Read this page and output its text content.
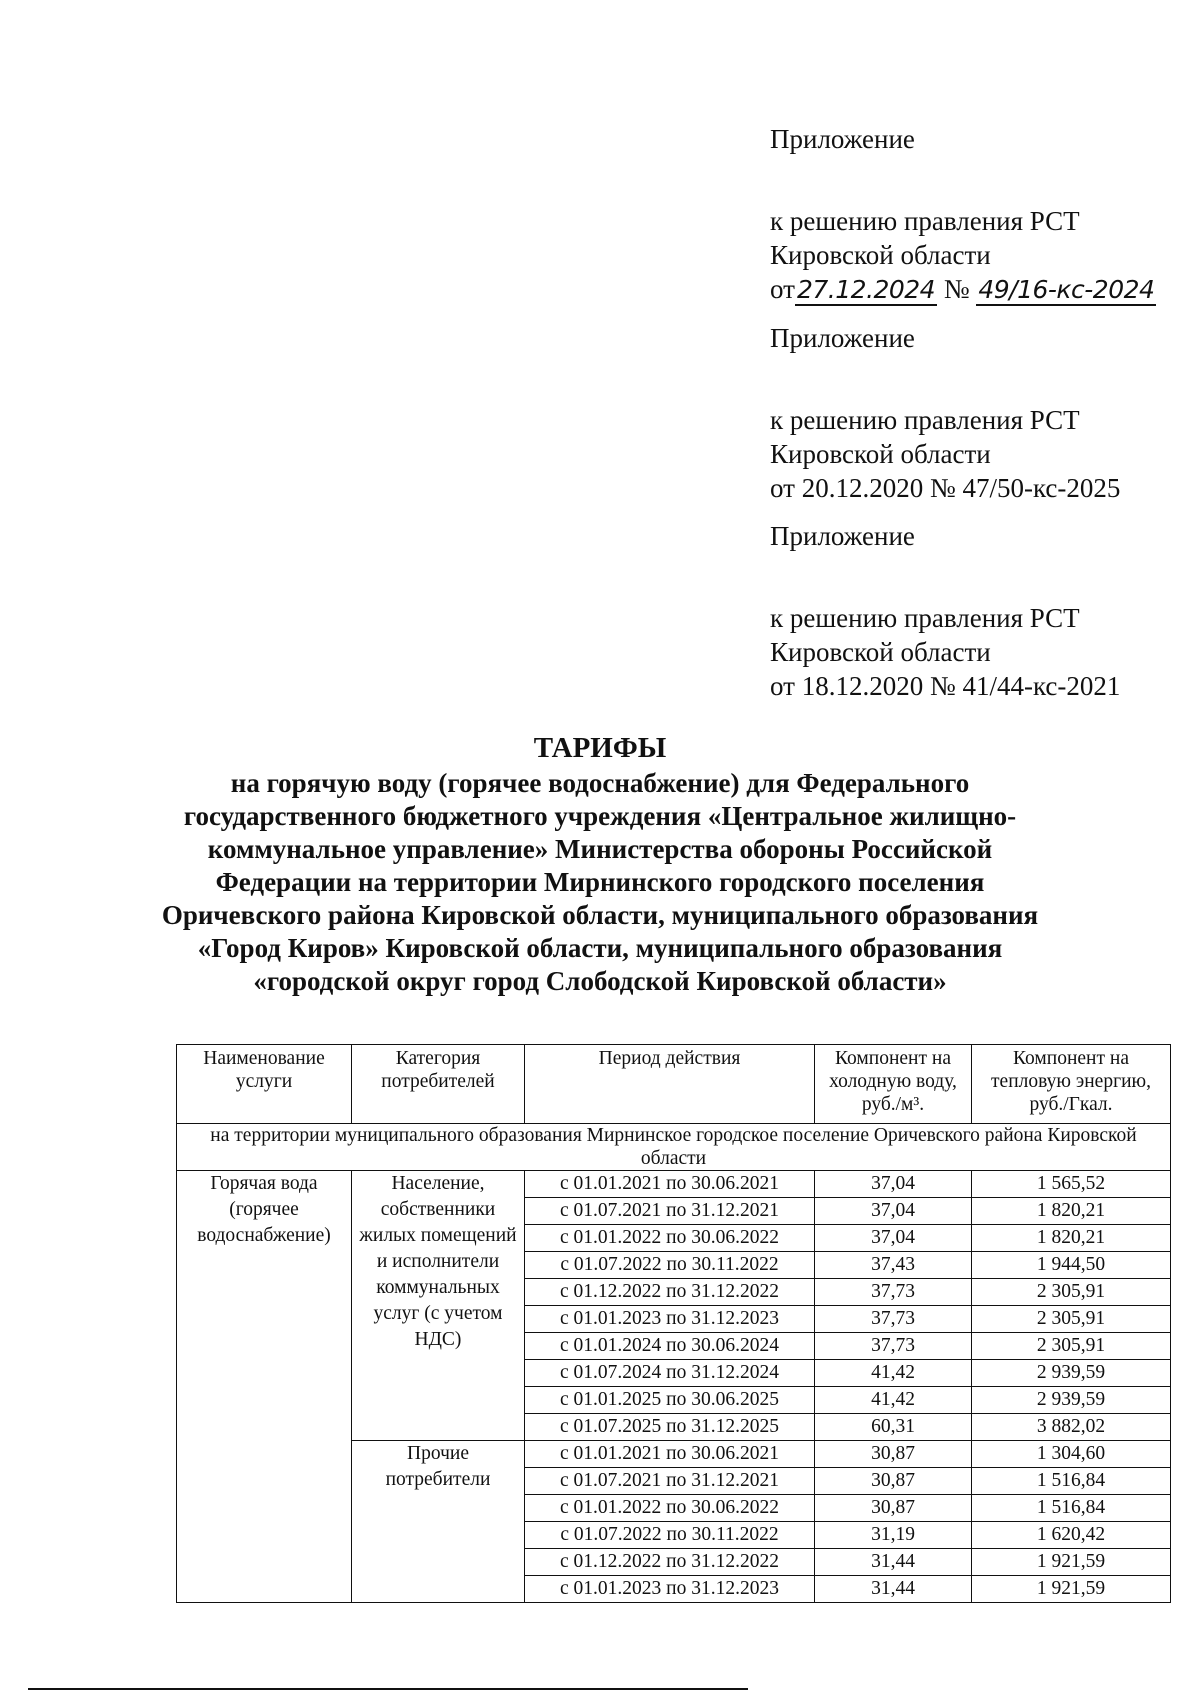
Приложение
к решению правления РСТ
Кировской области
от27.12.2024 № 49/16-кс-2024
Приложение
к решению правления РСТ
Кировской области
от 20.12.2020 № 47/50-кс-2025
Приложение
к решению правления РСТ
Кировской области
от 18.12.2020 № 41/44-кс-2021
ТАРИФЫ
на горячую воду (горячее водоснабжение) для Федерального
государственного бюджетного учреждения «Центральное жилищно-
коммунальное управление» Министерства обороны Российской
Федерации на территории Мирнинского городского поселения
Оричевского района Кировской области, муниципального образования
«Город Киров» Кировской области, муниципального образования
«городской округ город Слободской Кировской области»
Наименование услуги	Категория потребителей	Период действия	Компонент на холодную воду, руб./м³.	Компонент на тепловую энергию, руб./Гкал.
на территории муниципального образования Мирнинское городское поселение Оричевского района Кировской области				
Горячая вода (горячее водоснабжение)	Население, собственники жилых помещений и исполнители коммунальных услуг (с учетом НДС)	с 01.01.2021 по 30.06.2021	37,04	1 565,52
		с 01.07.2021 по 31.12.2021	37,04	1 820,21
		с 01.01.2022 по 30.06.2022	37,04	1 820,21
		с 01.07.2022 по 30.11.2022	37,43	1 944,50
		с 01.12.2022 по 31.12.2022	37,73	2 305,91
		с 01.01.2023 по 31.12.2023	37,73	2 305,91
		с 01.01.2024 по 30.06.2024	37,73	2 305,91
		с 01.07.2024 по 31.12.2024	41,42	2 939,59
		с 01.01.2025 по 30.06.2025	41,42	2 939,59
		с 01.07.2025 по 31.12.2025	60,31	3 882,02
	Прочие потребители	с 01.01.2021 по 30.06.2021	30,87	1 304,60
		с 01.07.2021 по 31.12.2021	30,87	1 516,84
		с 01.01.2022 по 30.06.2022	30,87	1 516,84
		с 01.07.2022 по 30.11.2022	31,19	1 620,42
		с 01.12.2022 по 31.12.2022	31,44	1 921,59
		с 01.01.2023 по 31.12.2023	31,44	1 921,59
